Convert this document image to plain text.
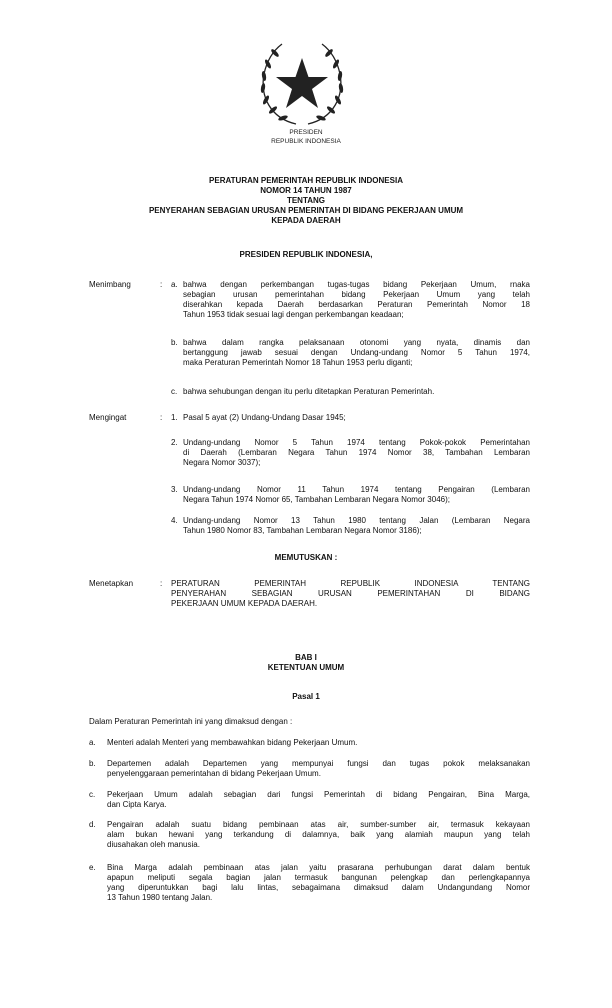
PRESIDEN
REPUBLIK INDONESIA
PERATURAN PEMERINTAH REPUBLIK INDONESIA
NOMOR 14 TAHUN 1987
TENTANG
PENYERAHAN SEBAGIAN URUSAN PEMERINTAH DI BIDANG PEKERJAAN UMUM
KEPADA DAERAH
PRESIDEN REPUBLIK INDONESIA,
Menimbang	: a. bahwa dengan perkembangan tugas-tugas bidang Pekerjaan Umum, rnaka
sebagian urusan pemerintahan bidang Pekerjaan Umum yang telah
diserahkan kepada Daerah berdasarkan Peraturan Pemerintah Nomor 18
Tahun 1953 tidak sesuai lagi dengan perkembangan keadaan;
b. bahwa dalam rangka pelaksanaan otonomi yang nyata, dinamis dan
bertanggung jawab sesuai dengan Undang-undang Nomor 5 Tahun 1974,
maka Peraturan Pemerintah Nomor 18 Tahun 1953 perlu diganti;
c. bahwa sehubungan dengan itu perlu ditetapkan Peraturan Pemerintah.
Mengingat	: 1. Pasal 5 ayat (2) Undang-Undang Dasar 1945;
2. Undang-undang Nomor 5 Tahun 1974 tentang Pokok-pokok Pemerintahan
di Daerah (Lembaran Negara Tahun 1974 Nomor 38, Tambahan Lembaran
Negara Nomor 3037);
3. Undang-undang Nomor 11 Tahun 1974 tentang Pengairan (Lembaran
Negara Tahun 1974 Nomor 65, Tambahan Lembaran Negara Nomor 3046);
4. Undang-undang Nomor 13 Tahun 1980 tentang Jalan (Lembaran Negara
Tahun 1980 Nomor 83, Tambahan Lembaran Negara Nomor 3186);
Menetapkan	: PERATURAN PEMERINTAH REPUBLIK INDONESIA TENTANG
PENYERAHAN SEBAGIAN URUSAN PEMERINTAHAN DI BIDANG
PEKERJAAN UMUM KEPADA DAERAH.
a. Menteri adalah Menteri yang membawahkan bidang Pekerjaan Umum.
b. Departemen adalah Departemen yang mempunyai fungsi dan tugas pokok melaksanakan
penyelenggaraan pemerintahan di bidang Pekerjaan Umum.
c. Pekerjaan Umum adalah sebagian dari fungsi Pemerintah di bidang Pengairan, Bina Marga,
dan Cipta Karya.
d. Pengairan adalah suatu bidang pembinaan atas air, sumber-sumber air, termasuk kekayaan
alam bukan hewani yang terkandung di dalamnya, baik yang alamiah maupun yang telah
diusahakan oleh manusia.
e. Bina Marga adalah pembinaan atas jalan yaitu prasarana perhubungan darat dalam bentuk
apapun meliputi segala bagian jalan termasuk bangunan pelengkap dan perlengkapannya
yang diperuntukkan bagi lalu lintas, sebagaimana dimaksud dalam Undangundang Nomor
13 Tahun 1980 tentang Jalan.
MEMUTUSKAN :
BAB I
KETENTUAN UMUM
Pasal 1
Dalam Peraturan Pemerintah ini yang dimaksud dengan :
